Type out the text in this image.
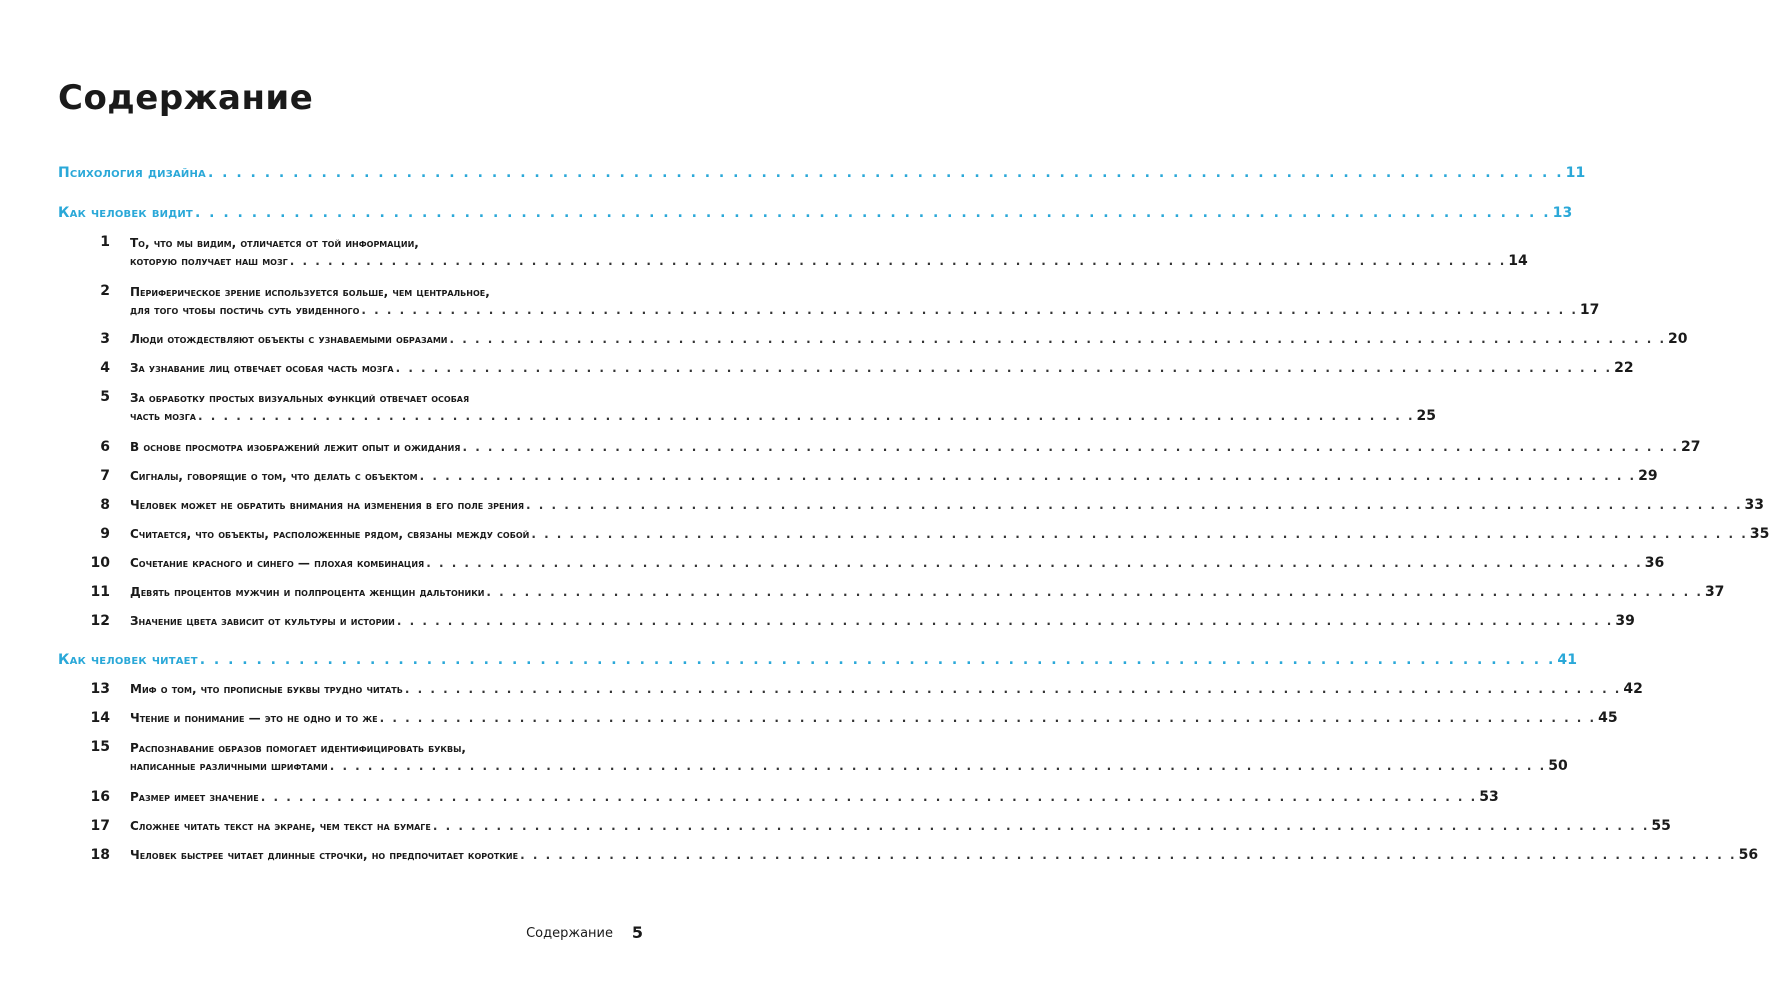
Содержание
Психология дизайна . . . . . . . . . . . . . . . . . . . . . . . . . . . . . . . . . . . . . . . . . . . . . . . . . . . . . . . . . . . . . . . . . . . . . . . . . . . . . . . . . . . . . . . . . . . . . . . . 11
Как человек видит . . . . . . . . . . . . . . . . . . . . . . . . . . . . . . . . . . . . . . . . . . . . . . . . . . . . . . . . . . . . . . . . . . . . . . . . . . . . . . . . . . . . . . . . . . . . . . . . 13
1 То, что мы видим, отличается от той информации,
которую получает наш мозг . . . . . . . . . . . . . . . . . . . . . . . . . . . . . . . . . . . . . . . . . . . . . . . . . . . . . . . . . . . . . . . . . . . . . . . . . . . . . . . . . . . . . . . . . . . . . . . . 14
2 Периферическое зрение используется больше, чем центральное,
для того чтобы постичь суть увиденного . . . . . . . . . . . . . . . . . . . . . . . . . . . . . . . . . . . . . . . . . . . . . . . . . . . . . . . . . . . . . . . . . . . . . . . . . . . . . . . . . . . . . . . . . . . . . . . . 17
3 Люди отождествляют объекты с узнаваемыми образами . . . . . . . . . . . . . . . . . . . . . . . . . . . . . . . . . . . . . . . . . . . . . . . . . . . . . . . . . . . . . . . . . . . . . . . . . . . . . . . . . . . . . . . . . . . . . . . . 20
4 За узнавание лиц отвечает особая часть мозга . . . . . . . . . . . . . . . . . . . . . . . . . . . . . . . . . . . . . . . . . . . . . . . . . . . . . . . . . . . . . . . . . . . . . . . . . . . . . . . . . . . . . . . . . . . . . . . . 22
5 За обработку простых визуальных функций отвечает особая
часть мозга . . . . . . . . . . . . . . . . . . . . . . . . . . . . . . . . . . . . . . . . . . . . . . . . . . . . . . . . . . . . . . . . . . . . . . . . . . . . . . . . . . . . . . . . . . . . . . . . 25
6 В основе просмотра изображений лежит опыт и ожидания . . . . . . . . . . . . . . . . . . . . . . . . . . . . . . . . . . . . . . . . . . . . . . . . . . . . . . . . . . . . . . . . . . . . . . . . . . . . . . . . . . . . . . . . . . . . . . . . 27
7 Сигналы, говорящие о том, что делать с объектом . . . . . . . . . . . . . . . . . . . . . . . . . . . . . . . . . . . . . . . . . . . . . . . . . . . . . . . . . . . . . . . . . . . . . . . . . . . . . . . . . . . . . . . . . . . . . . . . 29
8 Человек может не обратить внимания на изменения в его поле зрения . . . . . . . . . . . . . . . . . . . . . . . . . . . . . . . . . . . . . . . . . . . . . . . . . . . . . . . . . . . . . . . . . . . . . . . . . . . . . . . . . . . . . . . . . . . . . . . . 33
9 Считается, что объекты, расположенные рядом, связаны между собой . . . . . . . . . . . . . . . . . . . . . . . . . . . . . . . . . . . . . . . . . . . . . . . . . . . . . . . . . . . . . . . . . . . . . . . . . . . . . . . . . . . . . . . . . . . . . . . . 35
10 Сочетание красного и синего — плохая комбинация . . . . . . . . . . . . . . . . . . . . . . . . . . . . . . . . . . . . . . . . . . . . . . . . . . . . . . . . . . . . . . . . . . . . . . . . . . . . . . . . . . . . . . . . . . . . . . . . 36
11 Девять процентов мужчин и полпроцента женщин дальтоники . . . . . . . . . . . . . . . . . . . . . . . . . . . . . . . . . . . . . . . . . . . . . . . . . . . . . . . . . . . . . . . . . . . . . . . . . . . . . . . . . . . . . . . . . . . . . . . . 37
12 Значение цвета зависит от культуры и истории . . . . . . . . . . . . . . . . . . . . . . . . . . . . . . . . . . . . . . . . . . . . . . . . . . . . . . . . . . . . . . . . . . . . . . . . . . . . . . . . . . . . . . . . . . . . . . . . 39
Как человек читает . . . . . . . . . . . . . . . . . . . . . . . . . . . . . . . . . . . . . . . . . . . . . . . . . . . . . . . . . . . . . . . . . . . . . . . . . . . . . . . . . . . . . . . . . . . . . . . . 41
13 Миф о том, что прописные буквы трудно читать . . . . . . . . . . . . . . . . . . . . . . . . . . . . . . . . . . . . . . . . . . . . . . . . . . . . . . . . . . . . . . . . . . . . . . . . . . . . . . . . . . . . . . . . . . . . . . . . 42
14 Чтение и понимание — это не одно и то же . . . . . . . . . . . . . . . . . . . . . . . . . . . . . . . . . . . . . . . . . . . . . . . . . . . . . . . . . . . . . . . . . . . . . . . . . . . . . . . . . . . . . . . . . . . . . . . . 45
15 Распознавание образов помогает идентифицировать буквы,
написанные различными шрифтами . . . . . . . . . . . . . . . . . . . . . . . . . . . . . . . . . . . . . . . . . . . . . . . . . . . . . . . . . . . . . . . . . . . . . . . . . . . . . . . . . . . . . . . . . . . . . . . . 50
16 Размер имеет значение . . . . . . . . . . . . . . . . . . . . . . . . . . . . . . . . . . . . . . . . . . . . . . . . . . . . . . . . . . . . . . . . . . . . . . . . . . . . . . . . . . . . . . . . . . . . . . . . 53
17 Сложнее читать текст на экране, чем текст на бумаге . . . . . . . . . . . . . . . . . . . . . . . . . . . . . . . . . . . . . . . . . . . . . . . . . . . . . . . . . . . . . . . . . . . . . . . . . . . . . . . . . . . . . . . . . . . . . . . . 55
18 Человек быстрее читает длинные строчки, но предпочитает короткие . . . . . . . . . . . . . . . . . . . . . . . . . . . . . . . . . . . . . . . . . . . . . . . . . . . . . . . . . . . . . . . . . . . . . . . . . . . . . . . . . . . . . . . . . . . . . . . . 56
Содержание 5
